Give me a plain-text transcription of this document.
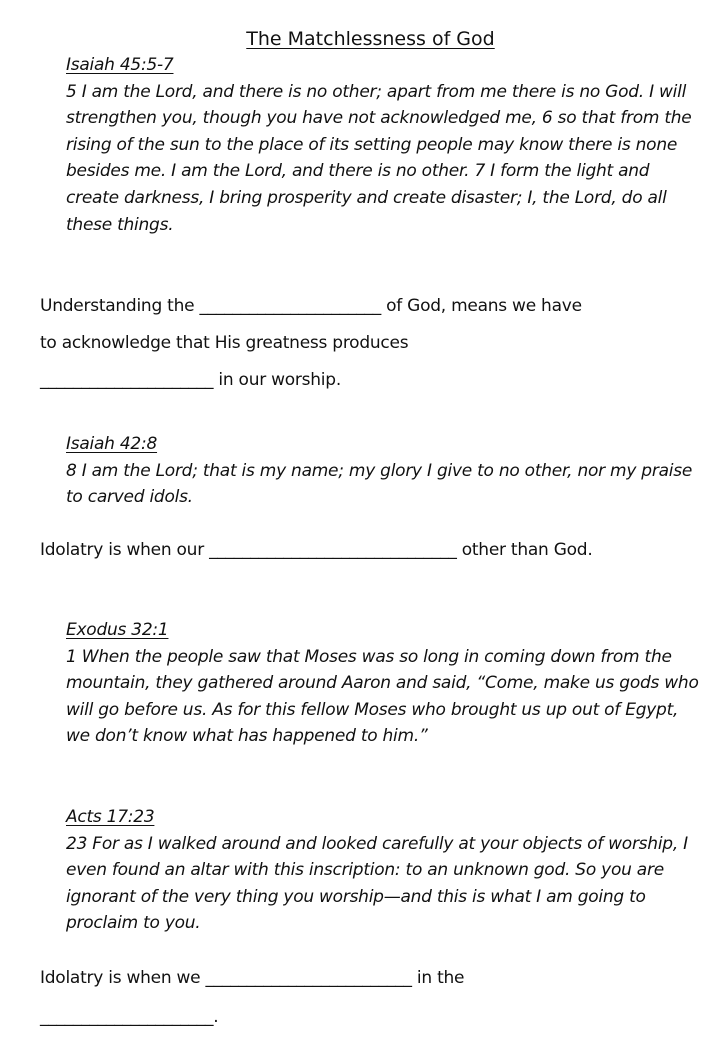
The Matchlessness of God
Isaiah 45:5-7
5 I am the Lord, and there is no other; apart from me there is no God. I will strengthen you, though you have not acknowledged me, 6 so that from the rising of the sun to the place of its setting people may know there is none besides me. I am the Lord, and there is no other. 7 I form the light and create darkness, I bring prosperity and create disaster; I, the Lord, do all these things.
Understanding the ______________________ of God, means we have
to acknowledge that His greatness produces
_____________________ in our worship.
Isaiah 42:8
8 I am the Lord; that is my name; my glory I give to no other, nor my praise to carved idols.
Idolatry is when our ______________________________ other than God.
Exodus 32:1
1 When the people saw that Moses was so long in coming down from the mountain, they gathered around Aaron and said, “Come, make us gods who will go before us. As for this fellow Moses who brought us up out of Egypt, we don’t know what has happened to him.”
Acts 17:23
23 For as I walked around and looked carefully at your objects of worship, I even found an altar with this inscription: to an unknown god. So you are ignorant of the very thing you worship—and this is what I am going to proclaim to you.
Idolatry is when we _________________________ in the
_____________________.
